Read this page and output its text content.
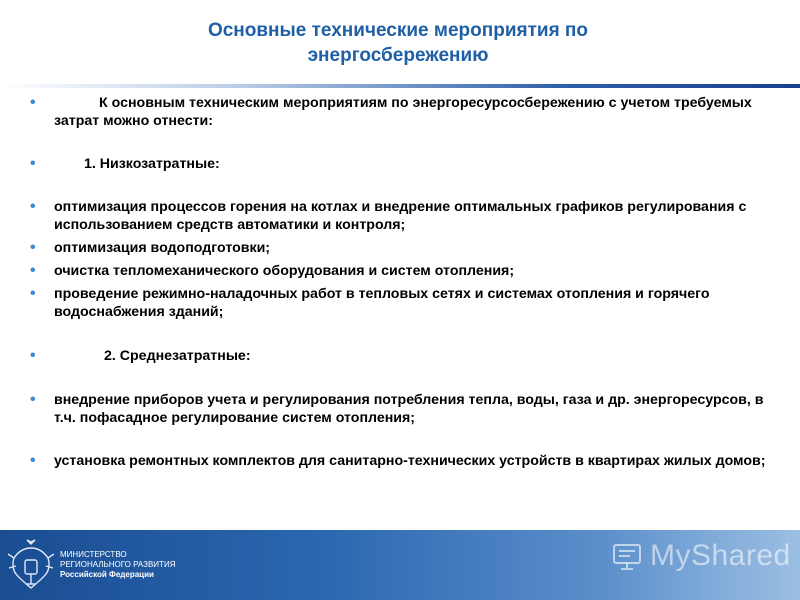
Основные технические мероприятия по
энергосбережению
•	К основным техническим мероприятиям по энергоресурсосбережению с учетом требуемых затрат можно отнести:
•	1. Низкозатратные:
• оптимизация процессов горения на котлах и внедрение оптимальных графиков регулирования с использованием средств автоматики и контроля;
• оптимизация водоподготовки;
• очистка тепломеханического оборудования и систем отопления;
• проведение режимно-наладочных работ в тепловых сетях и системах отопления и горячего водоснабжения зданий;
•	2. Среднезатратные:
• внедрение приборов учета и регулирования потребления тепла, воды, газа и др. энергоресурсов, в т.ч. пофасадное регулирование систем отопления;
• установка ремонтных комплектов для санитарно-технических устройств в квартирах жилых домов;
МИНИСТЕРСТВО
РЕГИОНАЛЬНОГО РАЗВИТИЯ
Российской Федерации
MyShared
